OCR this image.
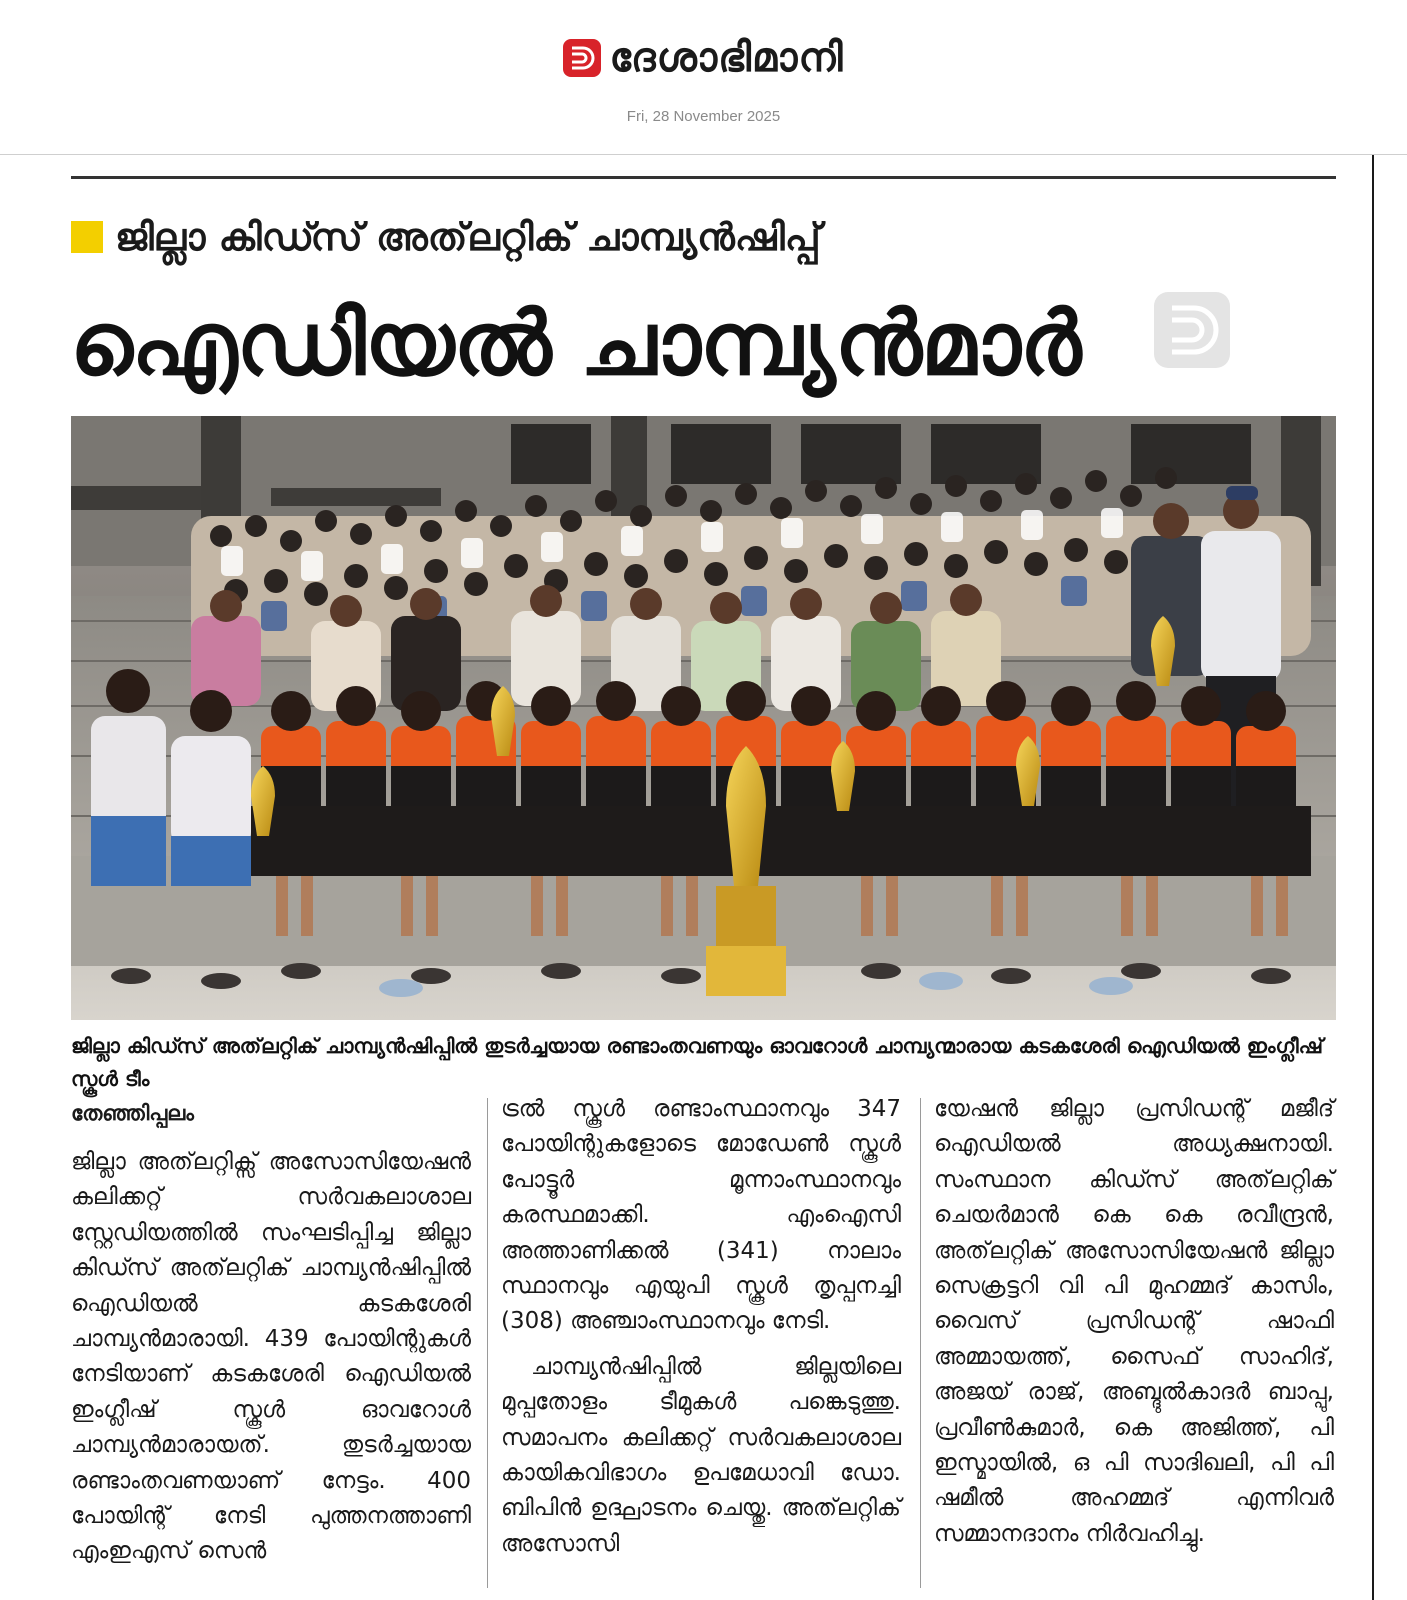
ദേശാഭിമാനി
Fri, 28 November 2025
ജില്ലാ കിഡ്സ് അത്‌ലറ്റിക് ചാമ്പ്യൻഷിപ്പ്
ഐഡിയൽ ചാമ്പ്യൻമാർ
ജില്ലാ കിഡ്സ് അത്‌ലറ്റിക് ചാമ്പ്യൻഷിപ്പിൽ തുടർച്ചയായ രണ്ടാംതവണയും ഓവറോൾ ചാമ്പ്യന്മാരായ കടകശേരി ഐഡിയൽ ഇംഗ്ലീഷ് സ്കൂൾ ടീം
തേഞ്ഞിപ്പലം

ജില്ലാ അത്‌ലറ്റിക്സ് അസോസിയേഷൻ കലിക്കറ്റ് സർവകലാശാല സ്റ്റേഡിയത്തിൽ സംഘടിപ്പിച്ച ജില്ലാ കിഡ്സ് അത്‌ലറ്റിക് ചാമ്പ്യൻഷിപ്പിൽ ഐഡിയൽ കടകശേരി ചാമ്പ്യൻമാരായി. 439 പോയിന്റുകൾ നേടിയാണ് കടകശേരി ഐഡിയൽ ഇംഗ്ലീഷ് സ്കൂൾ ഓവറോൾ ചാമ്പ്യൻമാരായത്. തുടർച്ചയായ രണ്ടാംതവണയാണ് നേട്ടം. 400 പോയിന്റ് നേടി പുത്തനത്താണി എംഇഎസ് സെൻ

ട്രൽ സ്കൂൾ രണ്ടാംസ്ഥാനവും 347 പോയിന്റുകളോടെ മോഡേൺ സ്കൂൾ പോട്ടൂർ മൂന്നാംസ്ഥാനവും കരസ്ഥമാക്കി. എംഐസി അത്താണിക്കൽ (341) നാലാം സ്ഥാനവും എയുപി സ്കൂൾ തൃപ്പനച്ചി (308) അഞ്ചാംസ്ഥാനവും നേടി.

ചാമ്പ്യൻഷിപ്പിൽ ജില്ലയിലെ മുപ്പതോളം ടീമുകൾ പങ്കെടുത്തു. സമാപനം കലിക്കറ്റ് സർവകലാശാല കായികവിഭാഗം ഉപമേധാവി ഡോ. ബിപിൻ ഉദ്ഘാടനം ചെയ്തു. അത്‌ലറ്റിക് അസോസി

യേഷൻ ജില്ലാ പ്രസിഡന്റ് മജീദ് ഐഡിയൽ അധ്യക്ഷനായി. സംസ്ഥാന കിഡ്സ് അത്‌ലറ്റിക് ചെയർമാൻ കെ കെ രവീന്ദ്രൻ, അത്‌ലറ്റിക് അസോസിയേഷൻ ജില്ലാ സെക്രട്ടറി വി പി മുഹമ്മദ് കാസിം, വൈസ് പ്രസിഡന്റ് ഷാഫി അമ്മായത്ത്, സൈഫ് സാഹിദ്, അജയ് രാജ്, അബ്ദുൽകാദർ ബാപ്പു, പ്രവീൺകുമാർ, കെ അജിത്ത്, പി ഇസ്മായിൽ, ഒ പി സാദിഖലി, പി പി ഷമീൽ അഹമ്മദ് എന്നിവർ സമ്മാനദാനം നിർവഹിച്ചു.
